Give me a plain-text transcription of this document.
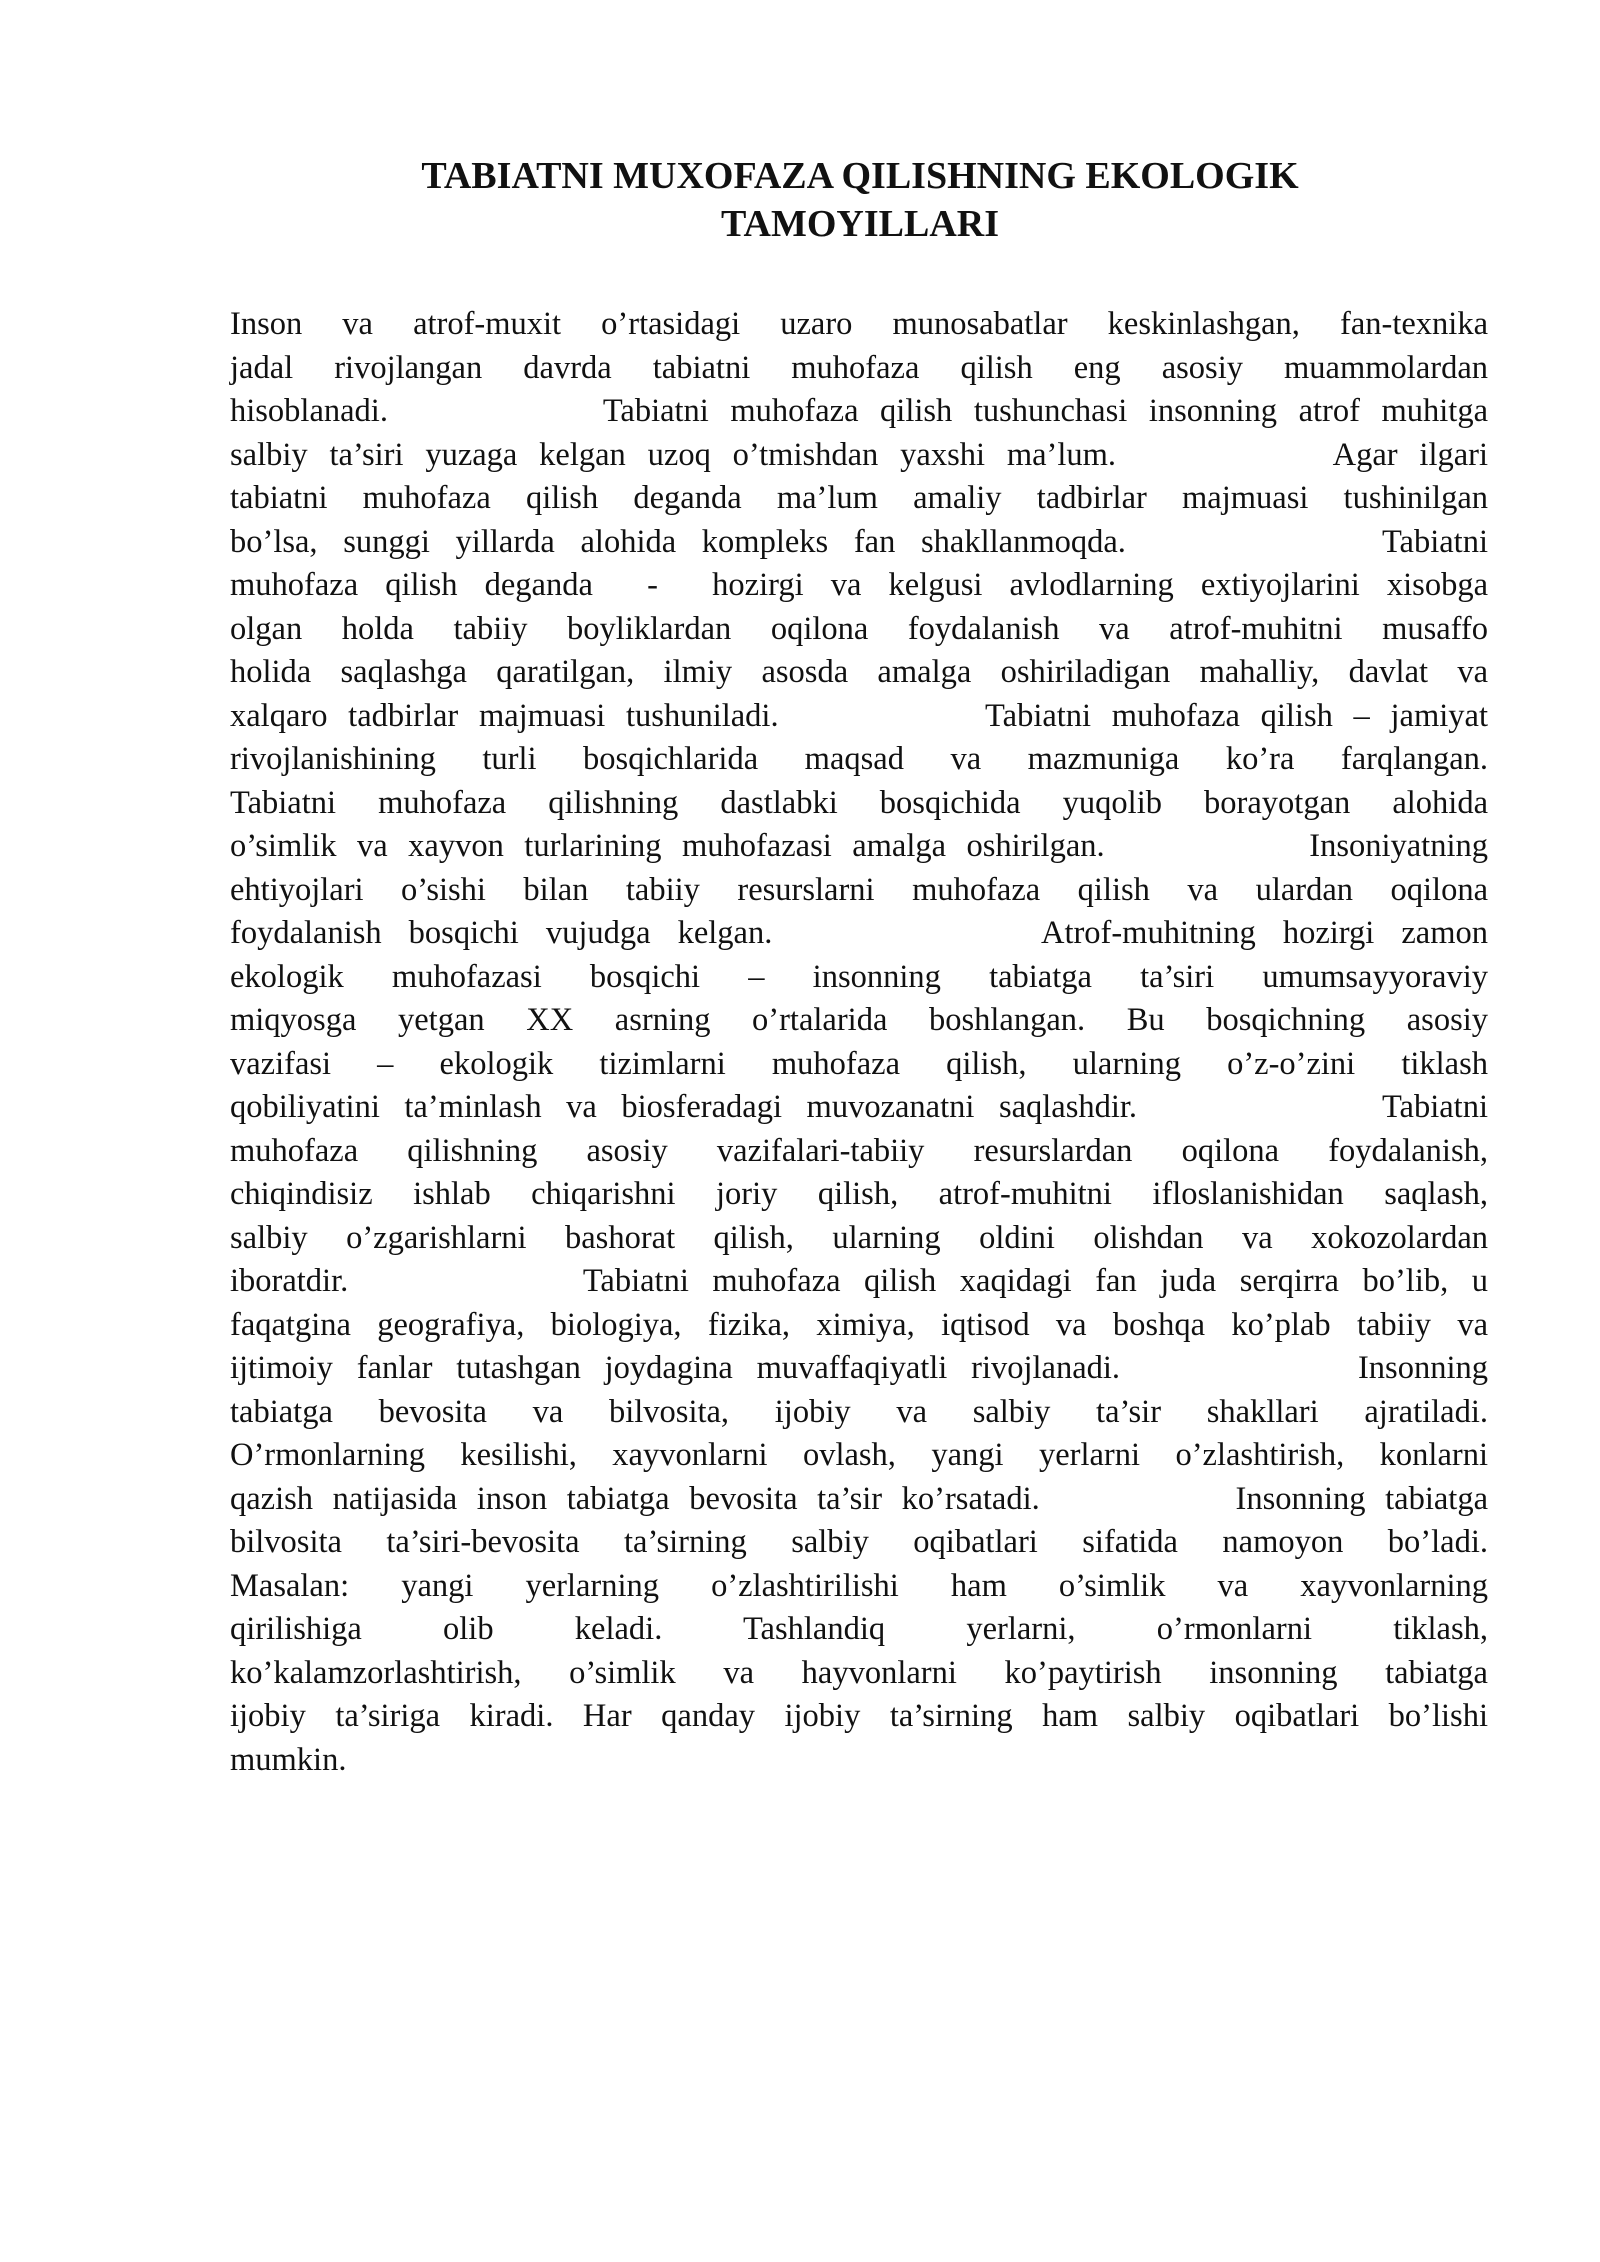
TABIATNI MUXOFAZA QILISHNING EKOLOGIK
TAMOYILLARI
Inson va atrof-muxit o’rtasidagi uzaro munosabatlar keskinlashgan, fan-texnika
jadal rivojlangan davrda tabiatni muhofaza qilish eng asosiy muammolardan
hisoblanadi.          Tabiatni muhofaza qilish tushunchasi insonning atrof muhitga
salbiy ta’siri yuzaga kelgan uzoq o’tmishdan yaxshi ma’lum.          Agar ilgari
tabiatni muhofaza qilish deganda ma’lum amaliy tadbirlar majmuasi tushinilgan
bo’lsa, sunggi yillarda alohida kompleks fan shakllanmoqda.          Tabiatni
muhofaza qilish deganda  -  hozirgi va kelgusi avlodlarning extiyojlarini xisobga
olgan holda tabiiy boyliklardan oqilona foydalanish va atrof-muhitni musaffo
holida saqlashga qaratilgan, ilmiy asosda amalga oshiriladigan mahalliy, davlat va
xalqaro tadbirlar majmuasi tushuniladi.          Tabiatni muhofaza qilish – jamiyat
rivojlanishining turli bosqichlarida maqsad va mazmuniga ko’ra farqlangan.
Tabiatni muhofaza qilishning dastlabki bosqichida yuqolib borayotgan alohida
o’simlik va xayvon turlarining muhofazasi amalga oshirilgan.          Insoniyatning
ehtiyojlari o’sishi bilan tabiiy resurslarni muhofaza qilish va ulardan oqilona
foydalanish bosqichi vujudga kelgan.          Atrof-muhitning hozirgi zamon
ekologik muhofazasi bosqichi – insonning tabiatga ta’siri umumsayyoraviy
miqyosga yetgan XX asrning o’rtalarida boshlangan. Bu bosqichning asosiy
vazifasi – ekologik tizimlarni muhofaza qilish, ularning o’z-o’zini tiklash
qobiliyatini ta’minlash va biosferadagi muvozanatni saqlashdir.          Tabiatni
muhofaza qilishning asosiy vazifalari-tabiiy resurslardan oqilona foydalanish,
chiqindisiz ishlab chiqarishni joriy qilish, atrof-muhitni ifloslanishidan saqlash,
salbiy o’zgarishlarni bashorat qilish, ularning oldini olishdan va xokozolardan
iboratdir.          Tabiatni muhofaza qilish xaqidagi fan juda serqirra bo’lib, u
faqatgina geografiya, biologiya, fizika, ximiya, iqtisod va boshqa ko’plab tabiiy va
ijtimoiy fanlar tutashgan joydagina muvaffaqiyatli rivojlanadi.          Insonning
tabiatga bevosita va bilvosita, ijobiy va salbiy ta’sir shakllari ajratiladi.
O’rmonlarning kesilishi, xayvonlarni ovlash, yangi yerlarni o’zlashtirish, konlarni
qazish natijasida inson tabiatga bevosita ta’sir ko’rsatadi.          Insonning tabiatga
bilvosita ta’siri-bevosita ta’sirning salbiy oqibatlari sifatida namoyon bo’ladi.
Masalan: yangi yerlarning o’zlashtirilishi ham o’simlik va xayvonlarning
qirilishiga olib keladi. Tashlandiq yerlarni, o’rmonlarni tiklash,
ko’kalamzorlashtirish, o’simlik va hayvonlarni ko’paytirish insonning tabiatga
ijobiy ta’siriga kiradi. Har qanday ijobiy ta’sirning ham salbiy oqibatlari bo’lishi
mumkin.
